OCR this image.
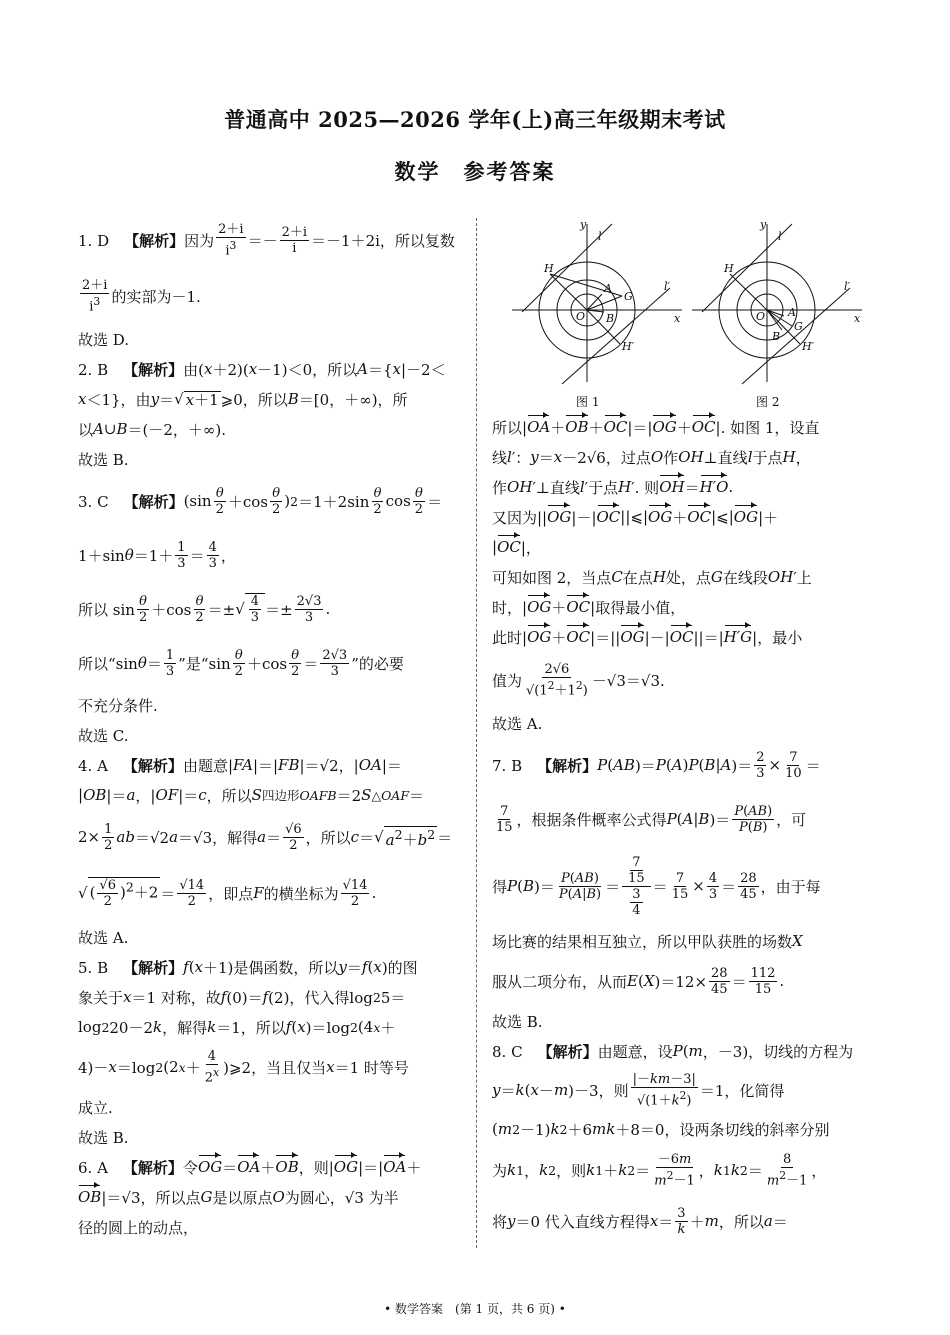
普通高中 2025—2026 学年(上)高三年级期末考试
数学　参考答案
1. D　 【解析】 因为 $\frac{2+i}{i^3} =- \frac{2+i}{i} =-1+2i$，所以复数
$\frac{2+i}{i^3}$ 的实部为－1.
故选 D.
2. B　 【解析】 由( x ＋2)( x －1)＜0，所以 A ＝{ x |－2＜
x ＜1}，由 y ＝ √ x＋1 ⩾0，所以 B ＝[0，＋∞)，所
以 A ∪ B ＝(－2，＋∞).
故选 B.
3. C　 【解析】 ($\sin \frac{\theta}{2} +\cos \frac{\theta}{2}$ ) $2 =1+2\sin \frac{\theta}{2}$ $\cos \frac{\theta}{2}$ ＝
1＋sin $\theta =1+ \frac{1}{3} = \frac{4}{3}$ ，
所以 $\sin \frac{\theta}{2} +\cos \frac{\theta}{2}$ ＝± √ $\frac{4}{3} =\pm \frac{2√3}{3}$ .
所以“sin $\theta = \frac{1}{3}$ ”是“$\sin \frac{\theta}{2} +\cos \frac{\theta}{2} = \frac{2√3}{3}$ ”的必要
不充分条件.
故选 C.
4. A　 【解析】 由题意| FA |＝| FB |＝√2，| OA |＝
| OB |＝ a ，| OF |＝ c ，所以 S 四边形OAFB ＝2 S △OAF ＝
$2\times \frac{1}{2}$ ab ＝√2 a ＝√3，解得 $a = \frac{√6}{2}$ ，所以 c ＝ √ $a^2+b^2$ ＝
√ ( $\frac{√6}{2} )^2+2 = \frac{√14}{2}$ ，即点 F 的横坐标为 $\frac{√14}{2}$ .
故选 A.
5. B　 【解析】 f ( x ＋1)是偶函数，所以 y ＝ f ( x )的图
象关于 x ＝1 对称，故 f (0)＝ f (2)，代入得log 2 5＝
log 2 20－2 k ，解得 k ＝1，所以 f ( x )＝log 2 (4 x ＋
4)－ x ＝log 2 (2 $x + \frac{4}{2^x}$ )⩾2，当且仅当 x ＝1 时等号
成立.
故选 B.
6. A　 【解析】 令 OG ＝ OA ＋ OB ，则| OG |＝| OA ＋
OB |＝√3，所以点 G 是以原点 O 为圆心，√3 为半
径的圆上的动点，
y
l
x
l′
H
H′
A
G
B
O
y
l
x
l′
H
H′
A
G
B
O
图 1	图 2
所以| OA ＋ OB ＋ OC |＝| OG ＋ OC |. 如图 1，设直
线 l ′： y ＝ x －2√6，过点 O 作 OH ⊥直线 l 于点 H ，
作 OH ′⊥直线 l ′于点 H ′. 则 OH ＝ H′O .
又因为|| OG |－| OC ||⩽| OG ＋ OC |⩽| OG |＋
| OC |，
可知如图 2，当点 C 在点 H 处，点 G 在线段 OH ′上
时，| OG ＋ OC |取得最小值，
此时| OG ＋ OC |＝|| OG |－| OC ||＝| H′G |，最小
值为 $\frac{2√6}{√(1^2+1^2)} -√3=√3$.
故选 A.
7. B　 【解析】 P ( AB )＝ P ( A ) P ( B | A )＝ $\frac{2}{3} \times \frac{7}{10}$ ＝
$\frac{7}{15}$ ，根据条件概率公式得 P ( A | B )＝ $\frac{P(AB)}{P(B)}$ ，可
得 P ( B )＝ $\frac{P(AB)}{P(A|B)} = \frac{\frac{7}{15}}{\frac{3}{4}} = \frac{7}{15} \times \frac{4}{3} = \frac{28}{45}$ ，由于每
场比赛的结果相互独立，所以甲队获胜的场数 X
服从二项分布，从而 E ( X )$=12\times \frac{28}{45} = \frac{112}{15}$ .
故选 B.
8. C　 【解析】 由题意，设 P ( m ，－3)，切线的方程为
y ＝ k ( x － m )－3，则 $\frac{|-km-3|}{√(1+k^2)} =1$，化简得
( m 2 －1) k 2 ＋6 mk ＋8＝0，设两条切线的斜率分别
为 k 1 ， k 2 ，则 k 1 ＋ k $2 = \frac{-6m}{m^2-1}$ ， k 1 k $2 = \frac{8}{m^2-1}$ ，
将 y ＝0 代入直线方程得 $x = \frac{3}{k} + m$ ，所以 a ＝
• 数学答案　(第 1 页，共 6 页) •
